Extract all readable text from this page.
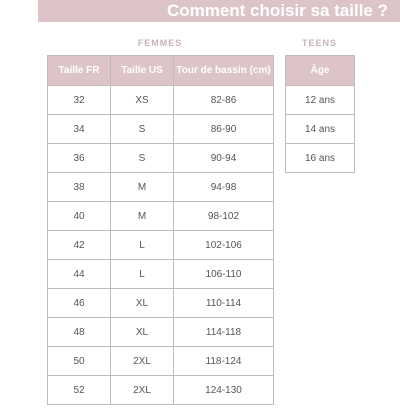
Comment choisir sa taille ?
FEMMES	TEENS
Taille FR	Taille US	Tour de bassin (cm)
32	XS	82-86
34	S	86-90
36	S	90-94
38	M	94-98
40	M	98-102
42	L	102-106
44	L	106-110
46	XL	110-114
48	XL	114-118
50	2XL	118-124
52	2XL	124-130
Âge
12 ans
14 ans
16 ans
